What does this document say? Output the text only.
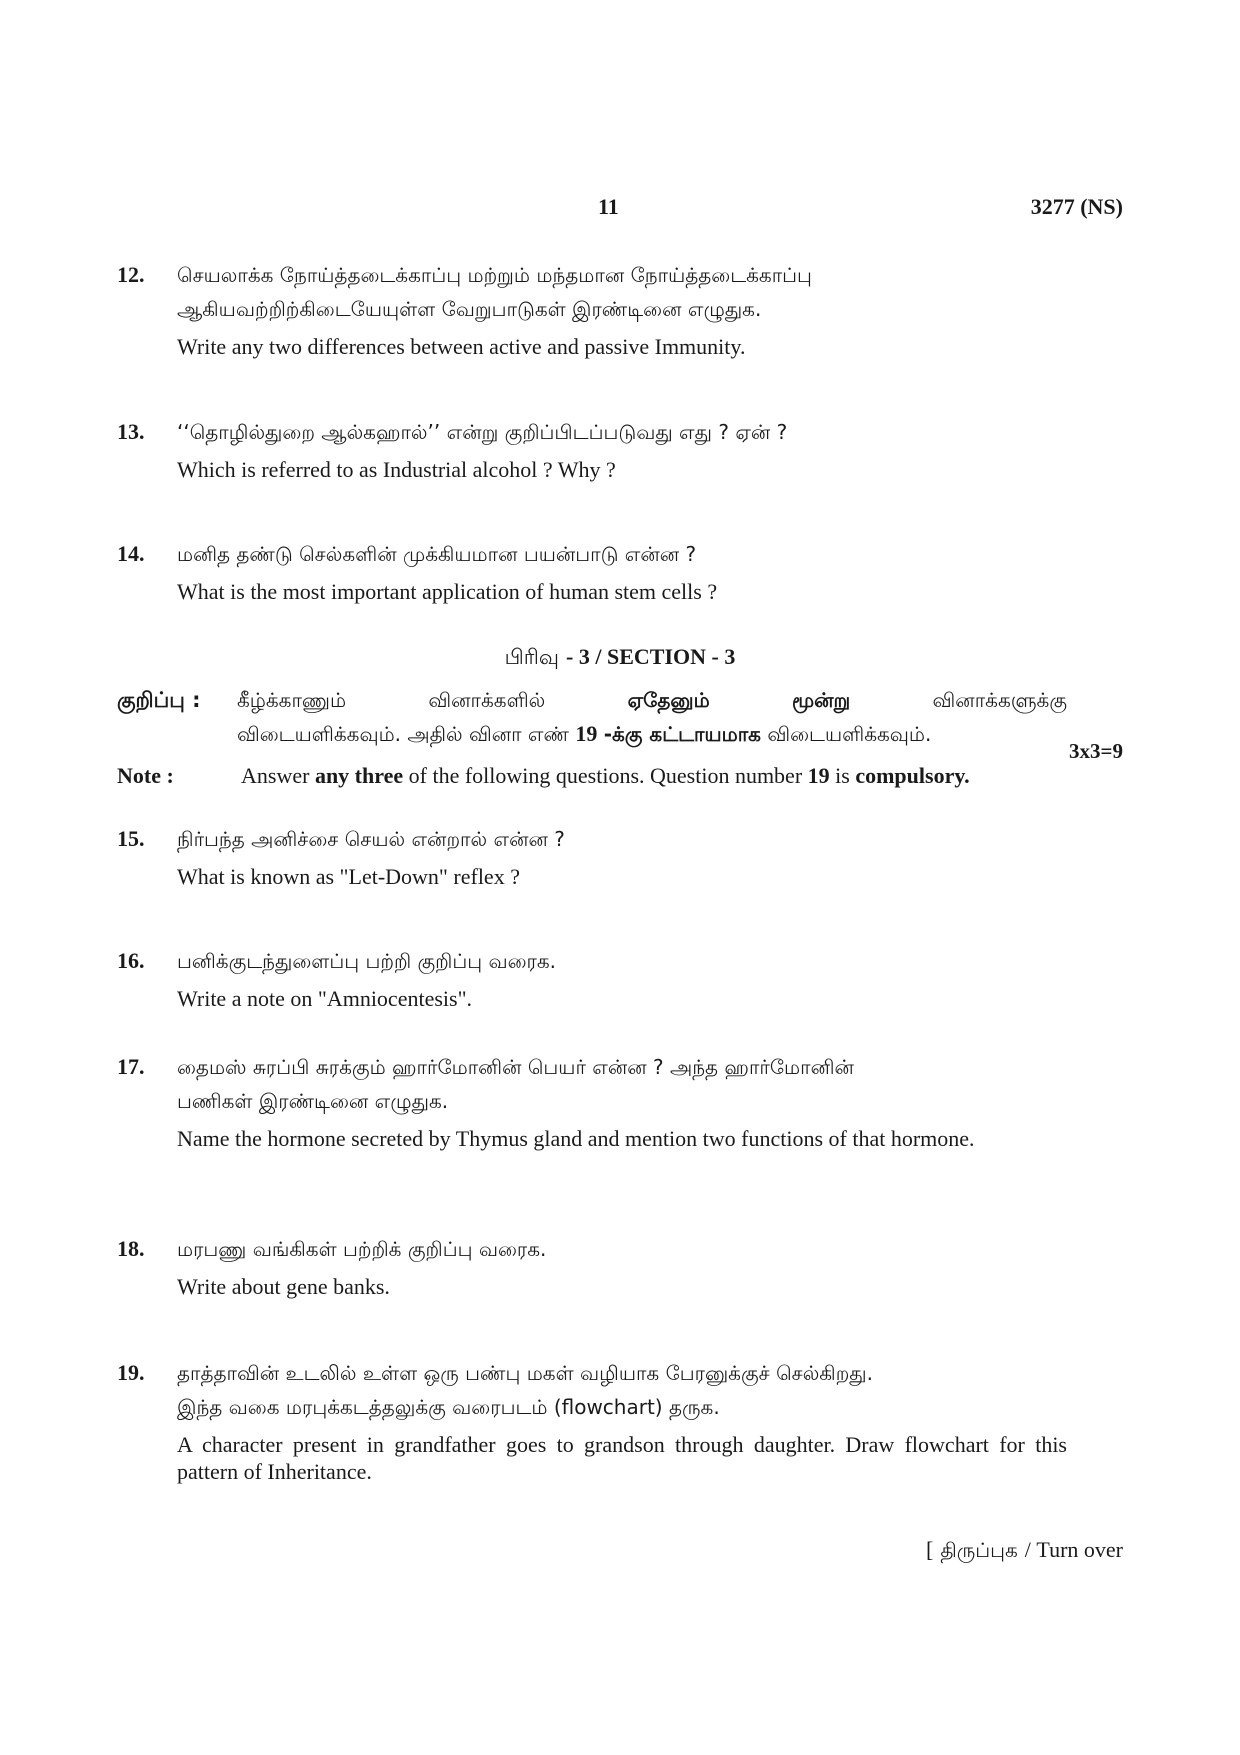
11	3277 (NS)
12. செயலாக்க நோய்த்தடைக்காப்பு மற்றும் மந்தமான நோய்த்தடைக்காப்பு
ஆகியவற்றிற்கிடையேயுள்ள வேறுபாடுகள் இரண்டினை எழுதுக.
Write any two differences between active and passive Immunity.
13. ‘‘தொழில்துறை ஆல்கஹால்’’ என்று குறிப்பிடப்படுவது எது ? ஏன் ?
Which is referred to as Industrial alcohol ? Why ?
14. மனித தண்டு செல்களின் முக்கியமான பயன்பாடு என்ன ?
What is the most important application of human stem cells ?
பிரிவு - 3 / SECTION - 3
குறிப்பு : கீழ்க்காணும்	வினாக்களில்	ஏதேனும்	மூன்று	வினாக்களுக்கு
விடையளிக்கவும். அதில் வினா எண் 19 -க்கு கட்டாயமாக விடையளிக்கவும்.
3x3=9
Note :	Answer any three of the following questions. Question number 19 is compulsory.
15. நிர்பந்த அனிச்சை செயல் என்றால் என்ன ?
What is known as "Let-Down" reflex ?
16. பனிக்குடந்துளைப்பு பற்றி குறிப்பு வரைக.
Write a note on "Amniocentesis".
17. தைமஸ் சுரப்பி சுரக்கும் ஹார்மோனின் பெயர் என்ன ? அந்த ஹார்மோனின்
பணிகள் இரண்டினை எழுதுக.
Name the hormone secreted by Thymus gland and mention two functions of that hormone.
18. மரபணு வங்கிகள் பற்றிக் குறிப்பு வரைக.
Write about gene banks.
19. தாத்தாவின் உடலில் உள்ள ஒரு பண்பு மகள் வழியாக பேரனுக்குச் செல்கிறது.
இந்த வகை மரபுக்கடத்தலுக்கு வரைபடம் (flowchart) தருக.
A character present in grandfather goes to grandson through daughter. Draw flowchart for this pattern of Inheritance.
[ திருப்புக / Turn over
